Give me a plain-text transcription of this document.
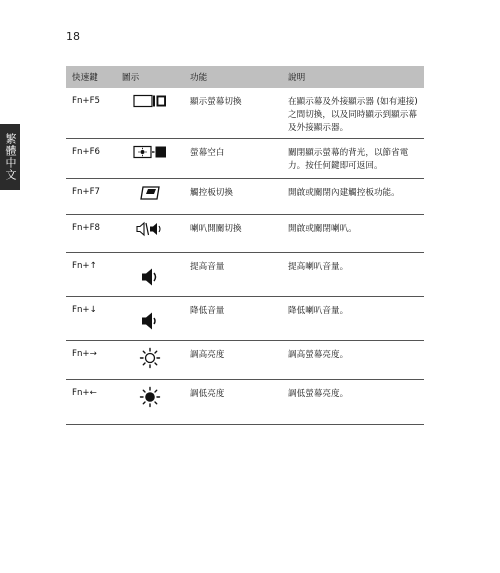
18
繁體中文
快速鍵	圖示	功能	說明
Fn+F5		顯示螢幕切換	在顯示幕及外接顯示器 (如有連接) 之間切換，以及同時顯示到顯示幕及外接顯示器。
Fn+F6		螢幕空白	關閉顯示螢幕的背光，以節省電力。按任何鍵即可返回。
Fn+F7		觸控板切換	開啟或關閉內建觸控板功能。
Fn+F8		喇叭開關切換	開啟或關閉喇叭。
Fn+↑		提高音量	提高喇叭音量。
Fn+↓		降低音量	降低喇叭音量。
Fn+→		調高亮度	調高螢幕亮度。
Fn+←		調低亮度	調低螢幕亮度。
